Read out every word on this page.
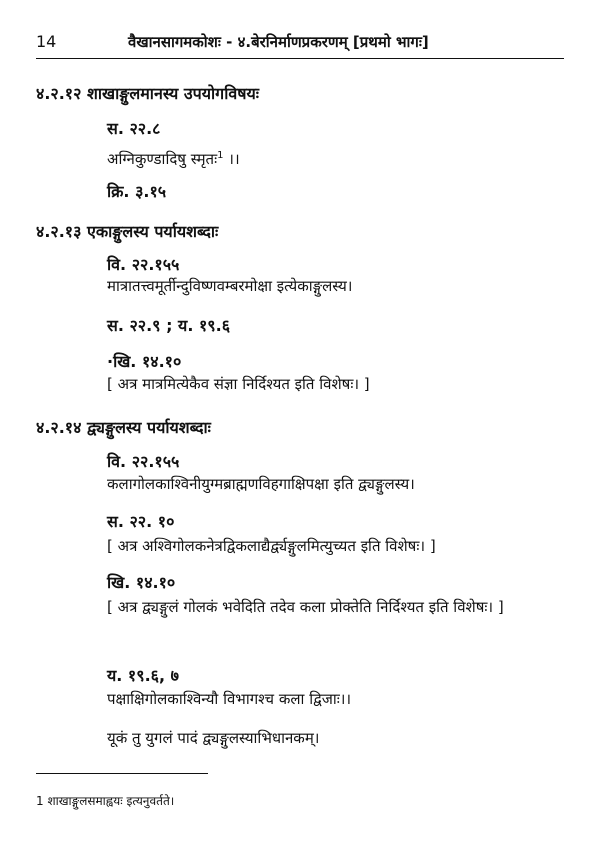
14	वैखानसागमकोशः - ४.बेरनिर्माणप्रकरणम् [प्रथमो भागः]
४.२.१२ शाखाङ्गुलमानस्य उपयोगविषयः
स. २२.८
अग्निकुण्डादिषु स्मृतः$^1$ ।।
क्रि. ३.१५
४.२.१३ एकाङ्गुलस्य पर्यायशब्दाः
वि. २२.१५५
मात्रातत्त्वमूर्तीन्दुविष्णवम्बरमोक्षा इत्येकाङ्गुलस्य।
स. २२.९ ; य. १९.६
·खि. १४.१०
[ अत्र मात्रमित्येकैव संज्ञा निर्दिश्यत इति विशेषः। ]
४.२.१४ द्व्यङ्गुलस्य पर्यायशब्दाः
वि. २२.१५५
कलागोलकाश्विनीयुग्मब्राह्मणविहगाक्षिपक्षा इति द्व्यङ्गुलस्य।
स. २२. १०
[ अत्र अश्विगोलकनेत्रद्विकलाद्यैर्द्व्यङ्गुलमित्युच्यत इति विशेषः। ]
खि. १४.१०
[ अत्र द्व्यङ्गुलं गोलकं भवेदिति तदेव कला प्रोक्तेति निर्दिश्यत इति विशेषः। ]
य. १९.६, ७
पक्षाक्षिगोलकाश्विन्यौ विभागश्च कला द्विजाः।।
यूकं तु युगलं पादं द्व्यङ्गुलस्याभिधानकम्।
1 शाखाङ्गुलसमाह्वयः इत्यनुवर्तते।
